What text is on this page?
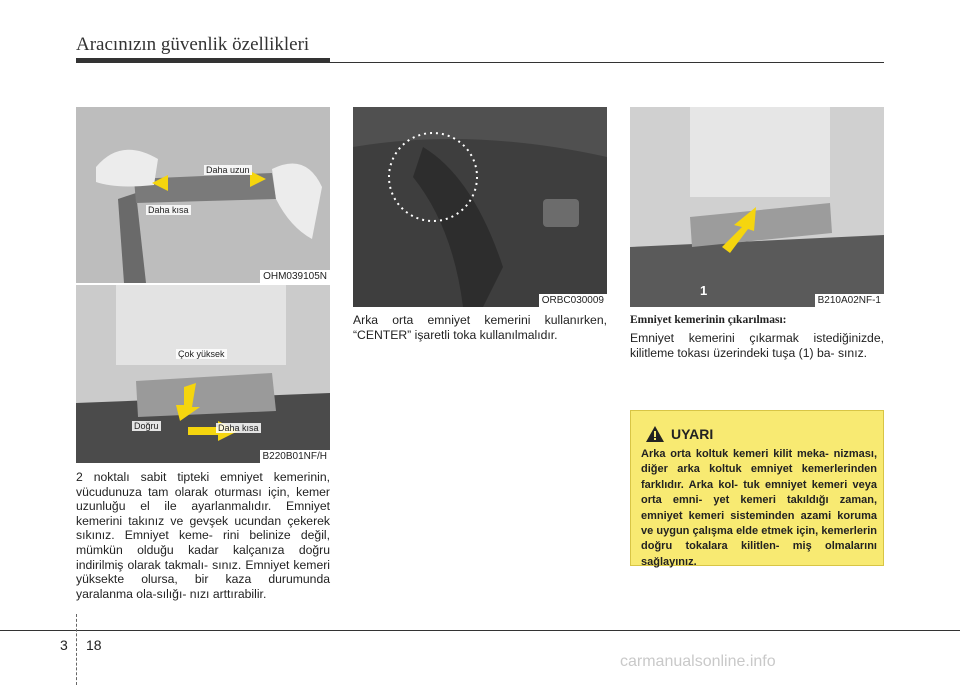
Aracınızın güvenlik özellikleri
Daha uzun
Daha kısa
OHM039105N
Çok yüksek
Doğru	Daha kısa
B220B01NF/H
ORBC030009
1
B210A02NF-1
2 noktalı sabit tipteki emniyet kemerinin, vücudunuza tam olarak oturması için, kemer uzunluğu el ile ayarlanmalıdır. Emniyet kemerini takınız ve gevşek ucundan çekerek sıkınız. Emniyet keme- rini belinize değil, mümkün olduğu kadar kalçanıza doğru indirilmiş olarak takmalı- sınız. Emniyet kemeri yüksekte olursa, bir kaza durumunda yaralanma ola-sılığı- nızı arttırabilir.
Arka orta emniyet kemerini kullanırken, “CENTER” işaretli toka kullanılmalıdır.
Emniyet kemerinin çıkarılması:
Emniyet kemerini çıkarmak istediğinizde, kilitleme tokası üzerindeki tuşa (1) ba- sınız.
UYARI
Arka orta koltuk kemeri kilit meka- nizması, diğer arka koltuk emniyet kemerlerinden farklıdır. Arka kol- tuk emniyet kemeri veya orta emni- yet kemeri takıldığı zaman, emniyet kemeri sisteminden azami koruma ve uygun çalışma elde etmek için, kemerlerin doğru tokalara kilitlen- miş olmalarını sağlayınız.
3 18
carmanualsonline.info
